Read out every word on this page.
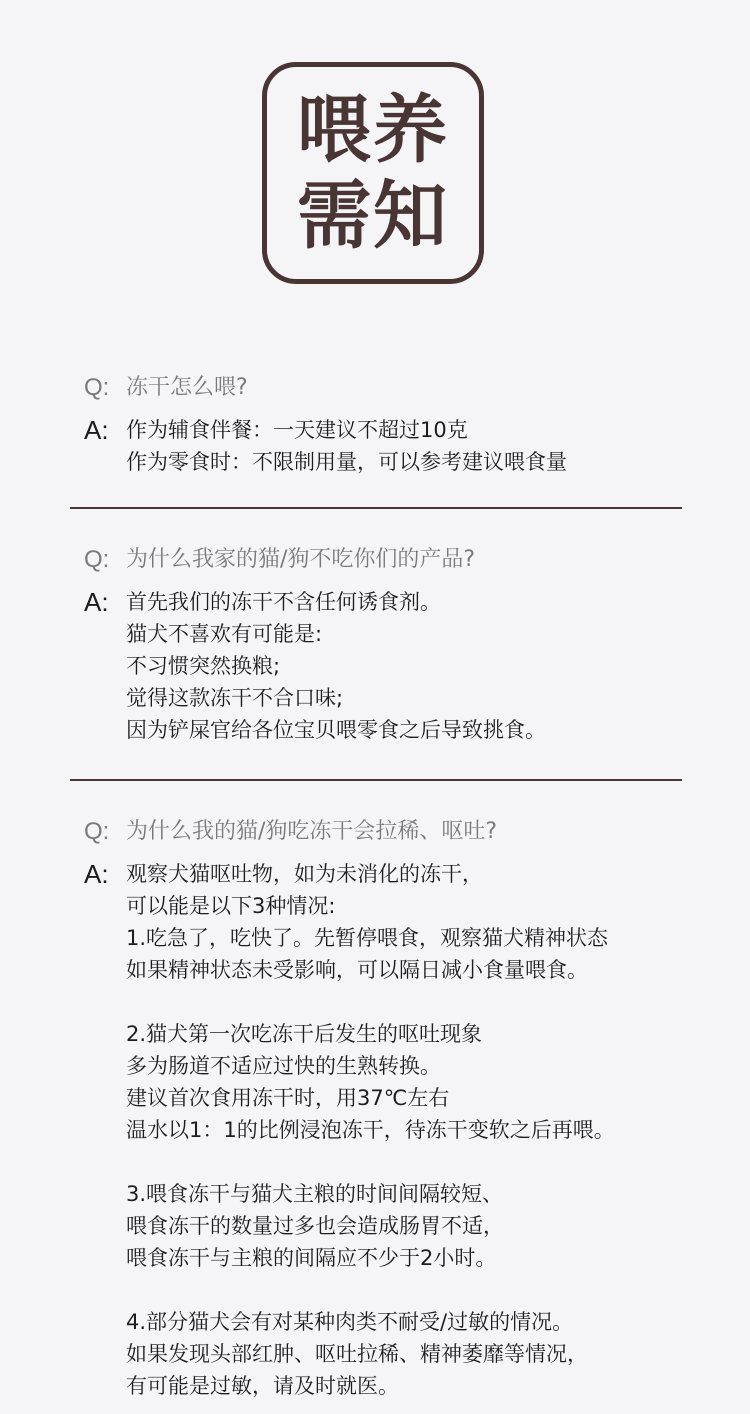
喂养
需知
Q: 冻干怎么喂?
A: 作为辅食伴餐：一天建议不超过10克
作为零食时：不限制用量，可以参考建议喂食量
Q: 为什么我家的猫/狗不吃你们的产品?
A: 首先我们的冻干不含任何诱食剂。
猫犬不喜欢有可能是:
不习惯突然换粮;
觉得这款冻干不合口味;
因为铲屎官给各位宝贝喂零食之后导致挑食。
Q: 为什么我的猫/狗吃冻干会拉稀、呕吐?
A: 观察犬猫呕吐物，如为未消化的冻干，
可以能是以下3种情况:
1.吃急了，吃快了。先暂停喂食，观察猫犬精神状态
如果精神状态未受影响，可以隔日减小食量喂食。
2.猫犬第一次吃冻干后发生的呕吐现象
多为肠道不适应过快的生熟转换。
建议首次食用冻干时，用37℃左右
温水以1：1的比例浸泡冻干，待冻干变软之后再喂。
3.喂食冻干与猫犬主粮的时间间隔较短、
喂食冻干的数量过多也会造成肠胃不适，
喂食冻干与主粮的间隔应不少于2小时。
4.部分猫犬会有对某种肉类不耐受/过敏的情况。
如果发现头部红肿、呕吐拉稀、精神萎靡等情况，
有可能是过敏，请及时就医。
